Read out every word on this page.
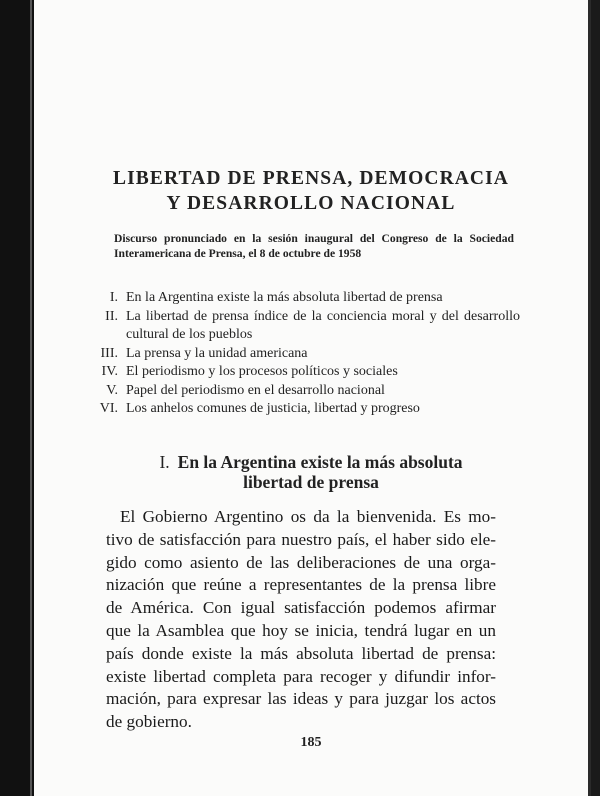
LIBERTAD DE PRENSA, DEMOCRACIA
Y DESARROLLO NACIONAL
Discurso pronunciado en la sesión inaugural del Congreso de la Sociedad Interamericana de Prensa, el 8 de octubre de 1958
I. En la Argentina existe la más absoluta libertad de prensa
II. La libertad de prensa índice de la conciencia moral y del desarrollo cultural de los pueblos
III. La prensa y la unidad americana
IV. El periodismo y los procesos políticos y sociales
V. Papel del periodismo en el desarrollo nacional
VI. Los anhelos comunes de justicia, libertad y progreso
I. En la Argentina existe la más absoluta
libertad de prensa
El Gobierno Argentino os da la bienvenida. Es mo-
tivo de satisfacción para nuestro país, el haber sido ele-
gido como asiento de las deliberaciones de una orga-
nización que reúne a representantes de la prensa libre
de América. Con igual satisfacción podemos afirmar
que la Asamblea que hoy se inicia, tendrá lugar en un
país donde existe la más absoluta libertad de prensa:
existe libertad completa para recoger y difundir infor-
mación, para expresar las ideas y para juzgar los actos
de gobierno.
185
